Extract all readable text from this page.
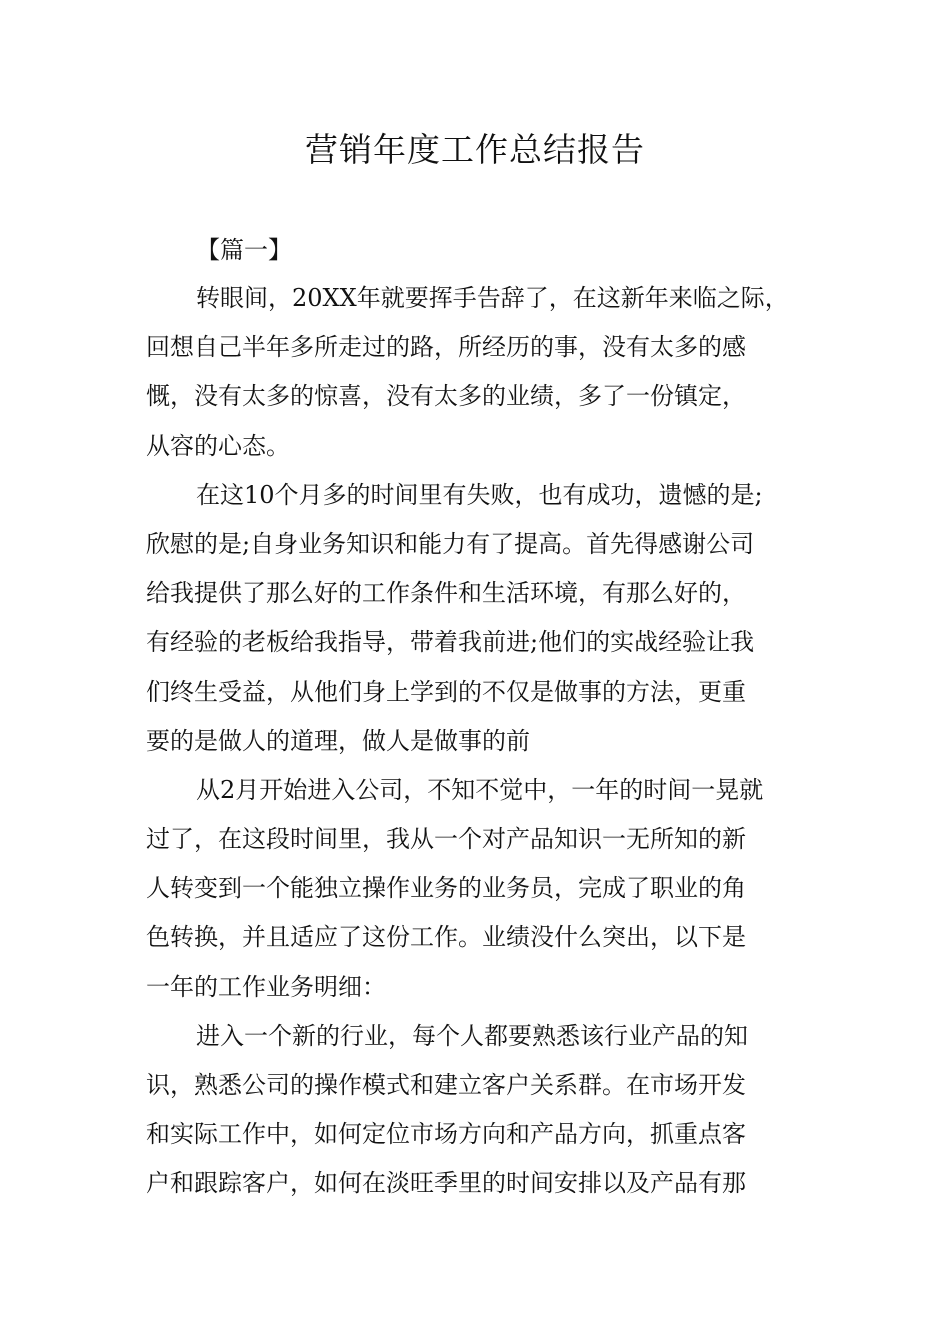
营销年度工作总结报告
【篇一】
转眼间，20XX年就要挥手告辞了，在这新年来临之际，
回想自己半年多所走过的路，所经历的事，没有太多的感
慨，没有太多的惊喜，没有太多的业绩，多了一份镇定，
从容的心态。
在这10个月多的时间里有失败，也有成功，遗憾的是;
欣慰的是;自身业务知识和能力有了提高。首先得感谢公司
给我提供了那么好的工作条件和生活环境，有那么好的，
有经验的老板给我指导，带着我前进;他们的实战经验让我
们终生受益，从他们身上学到的不仅是做事的方法，更重
要的是做人的道理，做人是做事的前
从2月开始进入公司，不知不觉中，一年的时间一晃就
过了，在这段时间里，我从一个对产品知识一无所知的新
人转变到一个能独立操作业务的业务员，完成了职业的角
色转换，并且适应了这份工作。业绩没什么突出，以下是
一年的工作业务明细：
进入一个新的行业，每个人都要熟悉该行业产品的知
识，熟悉公司的操作模式和建立客户关系群。在市场开发
和实际工作中，如何定位市场方向和产品方向，抓重点客
户和跟踪客户，如何在淡旺季里的时间安排以及产品有那
